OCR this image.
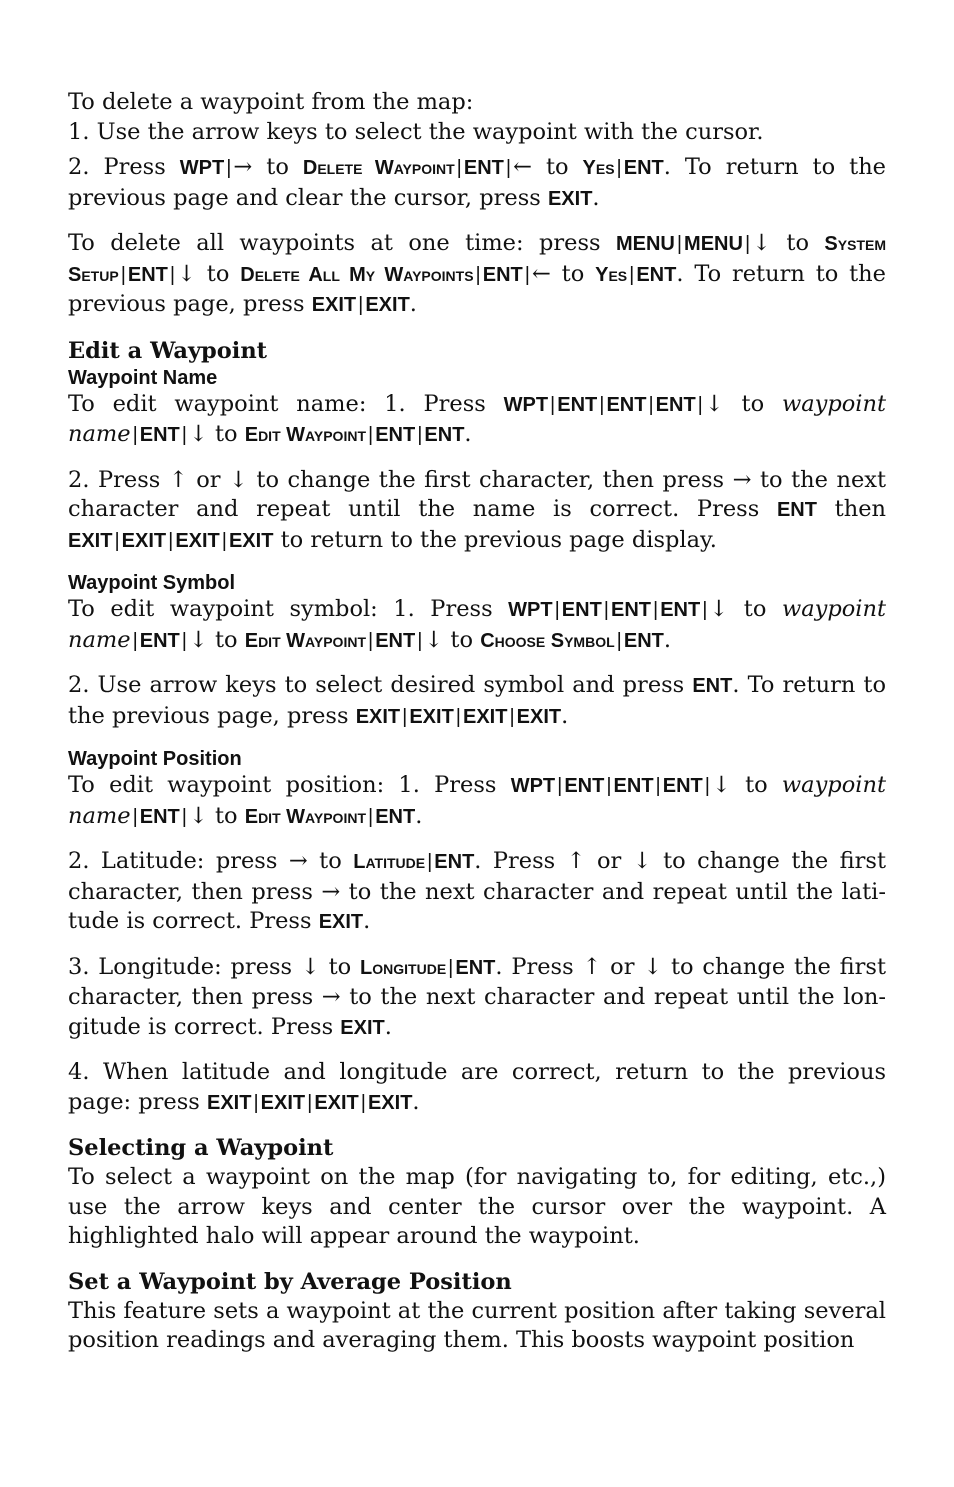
To delete a waypoint from the map:
1. Use the arrow keys to select the waypoint with the cursor.

2. Press WPT |→ to Delete Waypoint | ENT |← to Yes | ENT. To return to the previous page and clear the cursor, press EXIT.

To delete all waypoints at one time: press MENU | MENU |↓ to System Setup | ENT |↓ to Delete All My Waypoints | ENT |← to Yes | ENT. To return to the previous page, press EXIT | EXIT.

Edit a Waypoint
Waypoint Name

To edit waypoint name: 1. Press WPT | ENT | ENT | ENT |↓ to waypoint name | ENT |↓ to Edit Waypoint | ENT | ENT.

2. Press ↑ or ↓ to change the first character, then press → to the next character and repeat until the name is correct. Press ENT then EXIT | EXIT | EXIT | EXIT to return to the previous page display.

Waypoint Symbol

To edit waypoint symbol: 1. Press WPT | ENT | ENT | ENT |↓ to waypoint name | ENT |↓ to Edit Waypoint | ENT |↓ to Choose Symbol | ENT.

2. Use arrow keys to select desired symbol and press ENT. To return to the previous page, press EXIT | EXIT | EXIT | EXIT.

Waypoint Position

To edit waypoint position: 1. Press WPT | ENT | ENT | ENT |↓ to waypoint name | ENT |↓ to Edit Waypoint | ENT.

2. Latitude: press → to Latitude | ENT. Press ↑ or ↓ to change the first character, then press → to the next character and repeat until the lati-tude is correct. Press EXIT.

3. Longitude: press ↓ to Longitude | ENT. Press ↑ or ↓ to change the first character, then press → to the next character and repeat until the lon-gitude is correct. Press EXIT.

4. When latitude and longitude are correct, return to the previous page: press EXIT | EXIT | EXIT | EXIT.

Selecting a Waypoint

To select a waypoint on the map (for navigating to, for editing, etc.,) use the arrow keys and center the cursor over the waypoint. A highlighted halo will appear around the waypoint.

Set a Waypoint by Average Position

This feature sets a waypoint at the current position after taking several position readings and averaging them. This boosts waypoint position
